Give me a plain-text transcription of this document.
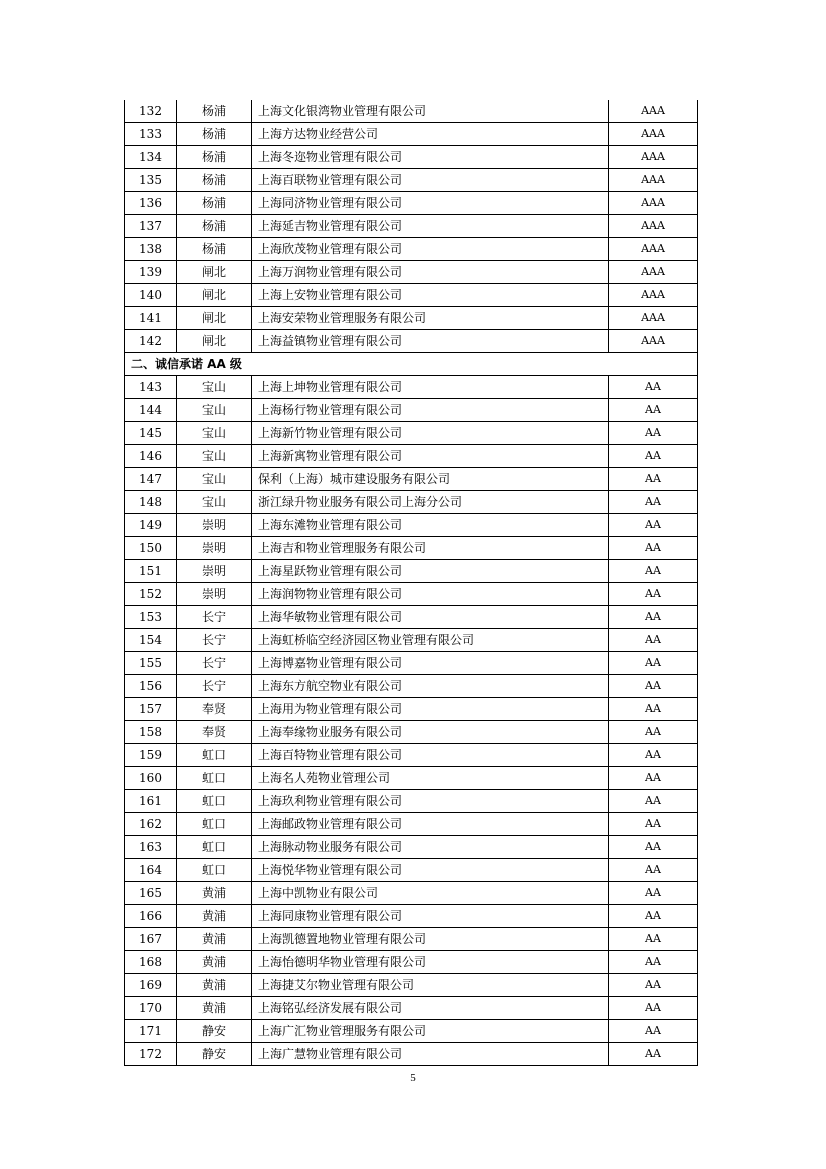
132	杨浦	上海文化银湾物业管理有限公司	AAA
133	杨浦	上海方达物业经营公司	AAA
134	杨浦	上海冬迩物业管理有限公司	AAA
135	杨浦	上海百联物业管理有限公司	AAA
136	杨浦	上海同济物业管理有限公司	AAA
137	杨浦	上海延吉物业管理有限公司	AAA
138	杨浦	上海欣茂物业管理有限公司	AAA
139	闸北	上海万润物业管理有限公司	AAA
140	闸北	上海上安物业管理有限公司	AAA
141	闸北	上海安荣物业管理服务有限公司	AAA
142	闸北	上海益镇物业管理有限公司	AAA
二、诚信承诺 AA 级			
143	宝山	上海上坤物业管理有限公司	AA
144	宝山	上海杨行物业管理有限公司	AA
145	宝山	上海新竹物业管理有限公司	AA
146	宝山	上海新寓物业管理有限公司	AA
147	宝山	保利（上海）城市建设服务有限公司	AA
148	宝山	浙江绿升物业服务有限公司上海分公司	AA
149	崇明	上海东滩物业管理有限公司	AA
150	崇明	上海吉和物业管理服务有限公司	AA
151	崇明	上海星跃物业管理有限公司	AA
152	崇明	上海润物物业管理有限公司	AA
153	长宁	上海华敏物业管理有限公司	AA
154	长宁	上海虹桥临空经济园区物业管理有限公司	AA
155	长宁	上海博嘉物业管理有限公司	AA
156	长宁	上海东方航空物业有限公司	AA
157	奉贤	上海用为物业管理有限公司	AA
158	奉贤	上海奉缘物业服务有限公司	AA
159	虹口	上海百特物业管理有限公司	AA
160	虹口	上海名人苑物业管理公司	AA
161	虹口	上海玖利物业管理有限公司	AA
162	虹口	上海邮政物业管理有限公司	AA
163	虹口	上海脉动物业服务有限公司	AA
164	虹口	上海悦华物业管理有限公司	AA
165	黄浦	上海中凯物业有限公司	AA
166	黄浦	上海同康物业管理有限公司	AA
167	黄浦	上海凯德置地物业管理有限公司	AA
168	黄浦	上海怡德明华物业管理有限公司	AA
169	黄浦	上海捷艾尔物业管理有限公司	AA
170	黄浦	上海铭弘经济发展有限公司	AA
171	静安	上海广汇物业管理服务有限公司	AA
172	静安	上海广慧物业管理有限公司	AA
5
